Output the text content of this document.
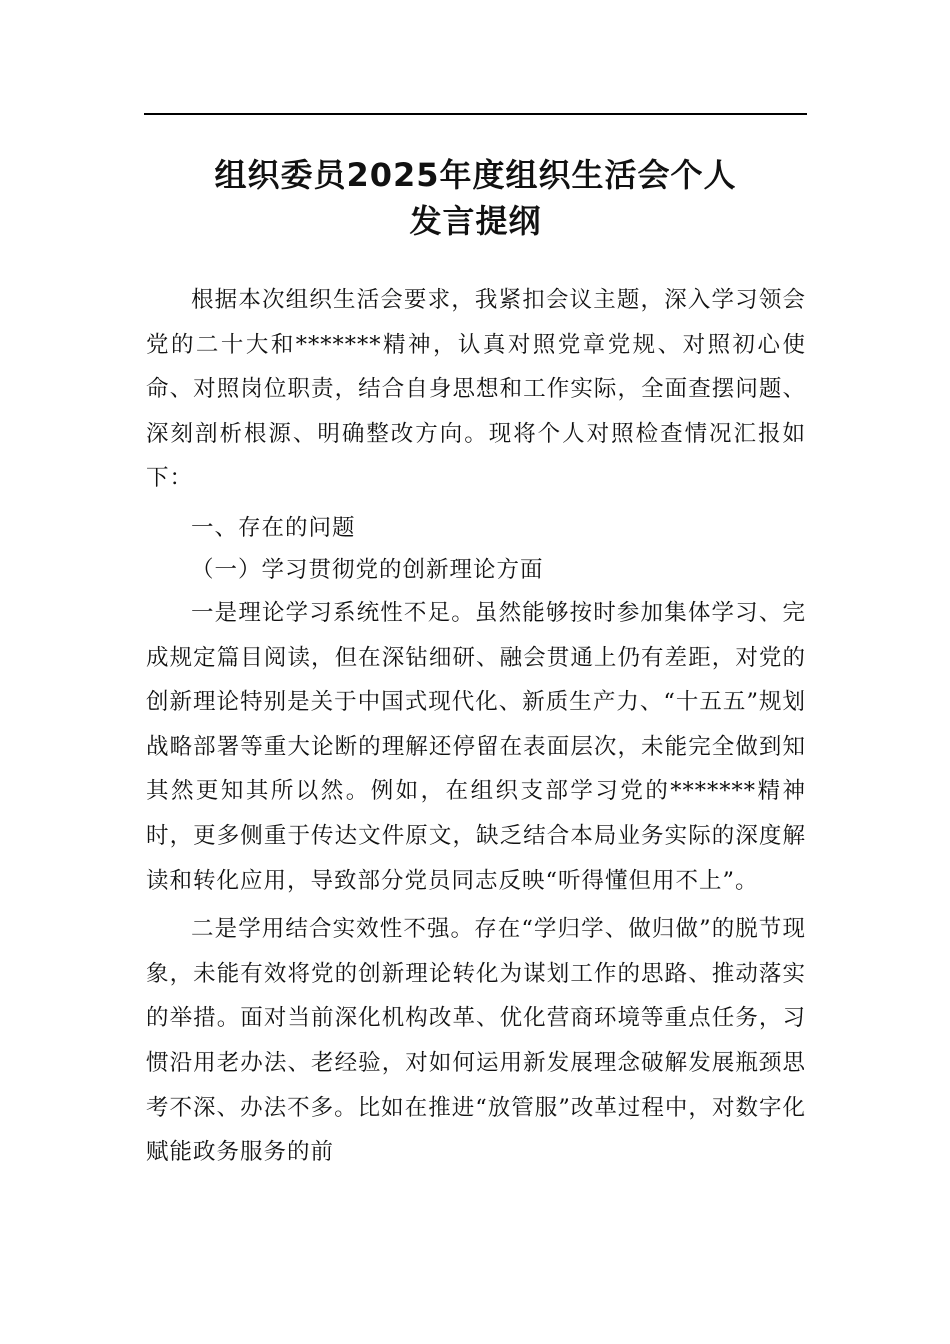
组织委员2025年度组织生活会个人
发言提纲

根据本次组织生活会要求，我紧扣会议主题，深入学习领会党的二十大和*******精神，认真对照党章党规、对照初心使命、对照岗位职责，结合自身思想和工作实际，全面查摆问题、深刻剖析根源、明确整改方向。现将个人对照检查情况汇报如下：

一、存在的问题

（一）学习贯彻党的创新理论方面

一是理论学习系统性不足。虽然能够按时参加集体学习、完成规定篇目阅读，但在深钻细研、融会贯通上仍有差距，对党的创新理论特别是关于中国式现代化、新质生产力、“十五五”规划战略部署等重大论断的理解还停留在表面层次，未能完全做到知其然更知其所以然。例如，在组织支部学习党的*******精神时，更多侧重于传达文件原文，缺乏结合本局业务实际的深度解读和转化应用，导致部分党员同志反映“听得懂但用不上”。

二是学用结合实效性不强。存在“学归学、做归做”的脱节现象，未能有效将党的创新理论转化为谋划工作的思路、推动落实的举措。面对当前深化机构改革、优化营商环境等重点任务，习惯沿用老办法、老经验，对如何运用新发展理念破解发展瓶颈思考不深、办法不多。比如在推进“放管服”改革过程中，对数字化赋能政务服务的前
